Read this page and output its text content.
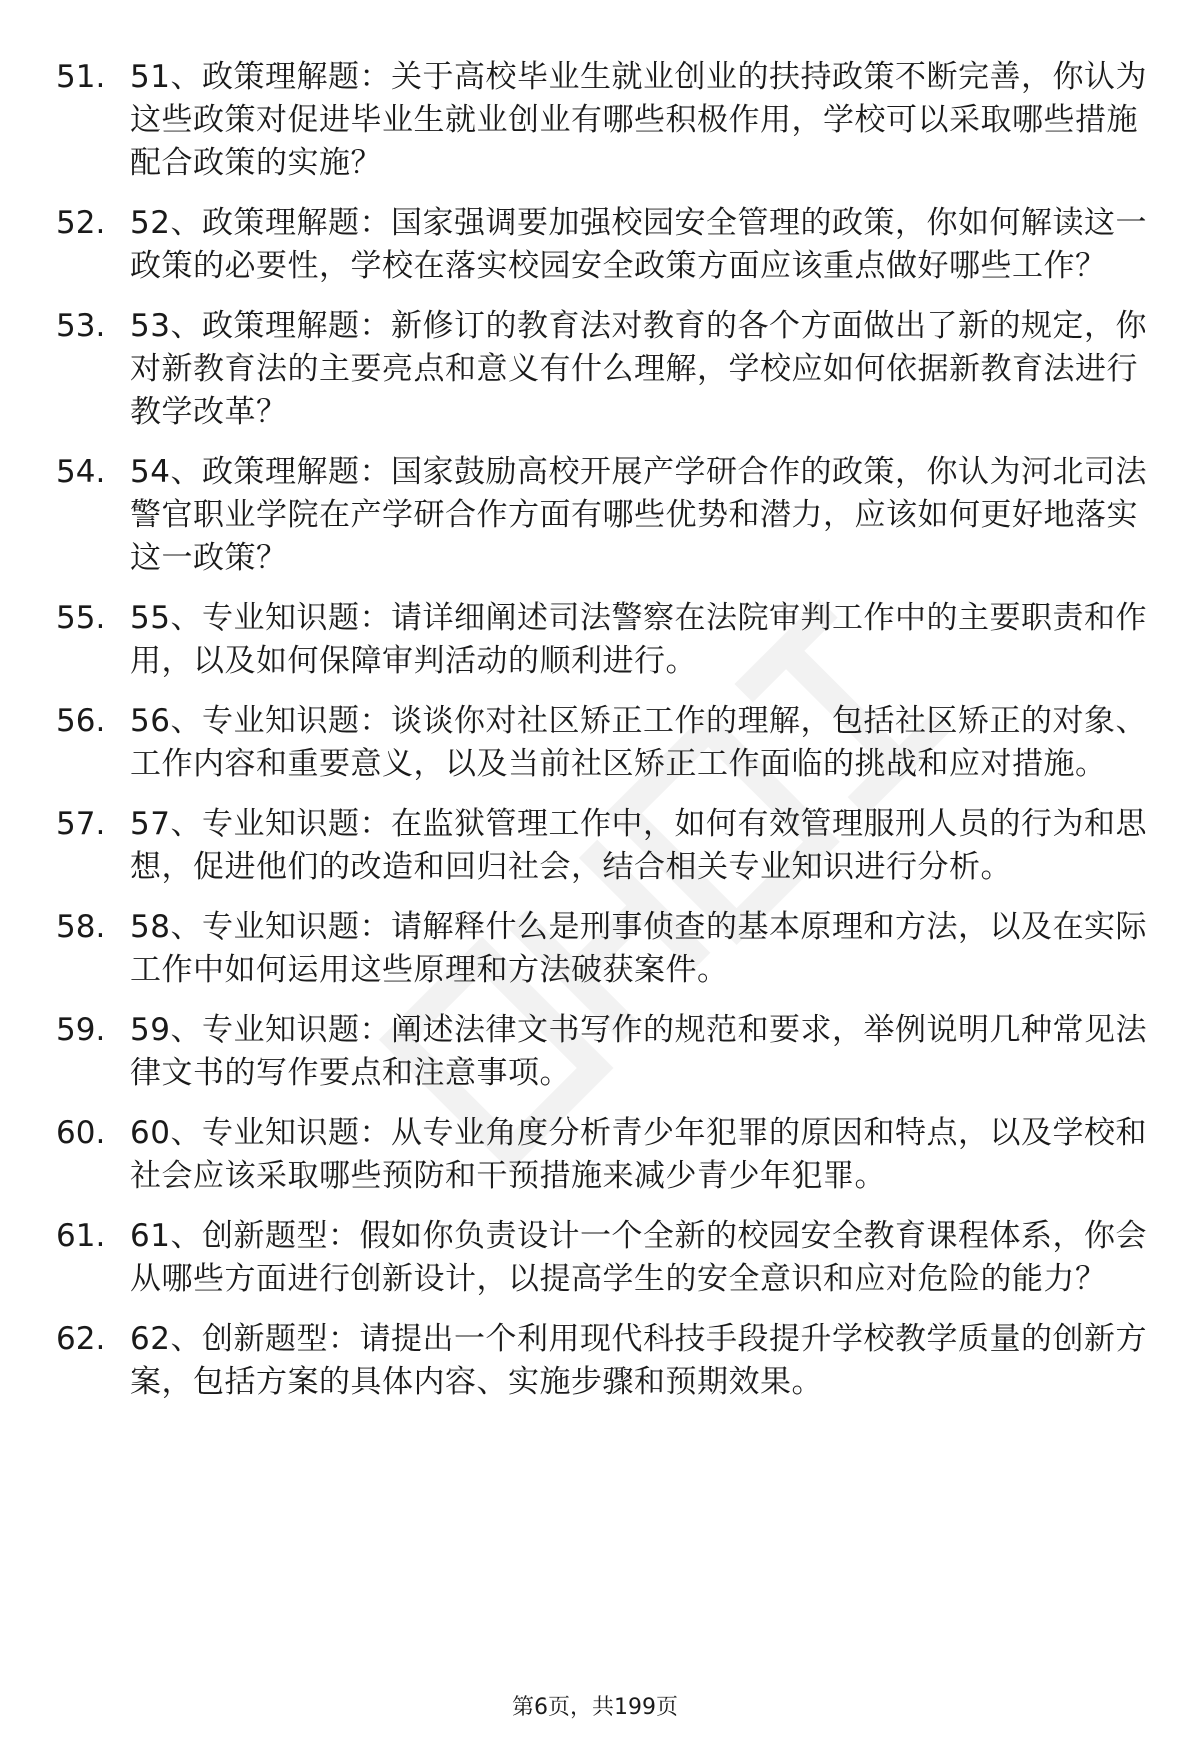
51. 51、政策理解题：关于高校毕业生就业创业的扶持政策不断完善，你认为这些政策对促进毕业生就业创业有哪些积极作用，学校可以采取哪些措施配合政策的实施？
52. 52、政策理解题：国家强调要加强校园安全管理的政策，你如何解读这一政策的必要性，学校在落实校园安全政策方面应该重点做好哪些工作？
53. 53、政策理解题：新修订的教育法对教育的各个方面做出了新的规定，你对新教育法的主要亮点和意义有什么理解，学校应如何依据新教育法进行教学改革？
54. 54、政策理解题：国家鼓励高校开展产学研合作的政策，你认为河北司法警官职业学院在产学研合作方面有哪些优势和潜力，应该如何更好地落实这一政策？
55. 55、专业知识题：请详细阐述司法警察在法院审判工作中的主要职责和作用，以及如何保障审判活动的顺利进行。
56. 56、专业知识题：谈谈你对社区矫正工作的理解，包括社区矫正的对象、工作内容和重要意义，以及当前社区矫正工作面临的挑战和应对措施。
57. 57、专业知识题：在监狱管理工作中，如何有效管理服刑人员的行为和思想，促进他们的改造和回归社会，结合相关专业知识进行分析。
58. 58、专业知识题：请解释什么是刑事侦查的基本原理和方法，以及在实际工作中如何运用这些原理和方法破获案件。
59. 59、专业知识题：阐述法律文书写作的规范和要求，举例说明几种常见法律文书的写作要点和注意事项。
60. 60、专业知识题：从专业角度分析青少年犯罪的原因和特点，以及学校和社会应该采取哪些预防和干预措施来减少青少年犯罪。
61. 61、创新题型：假如你负责设计一个全新的校园安全教育课程体系，你会从哪些方面进行创新设计，以提高学生的安全意识和应对危险的能力？
62. 62、创新题型：请提出一个利用现代科技手段提升学校教学质量的创新方案，包括方案的具体内容、实施步骤和预期效果。
第6页，共199页
